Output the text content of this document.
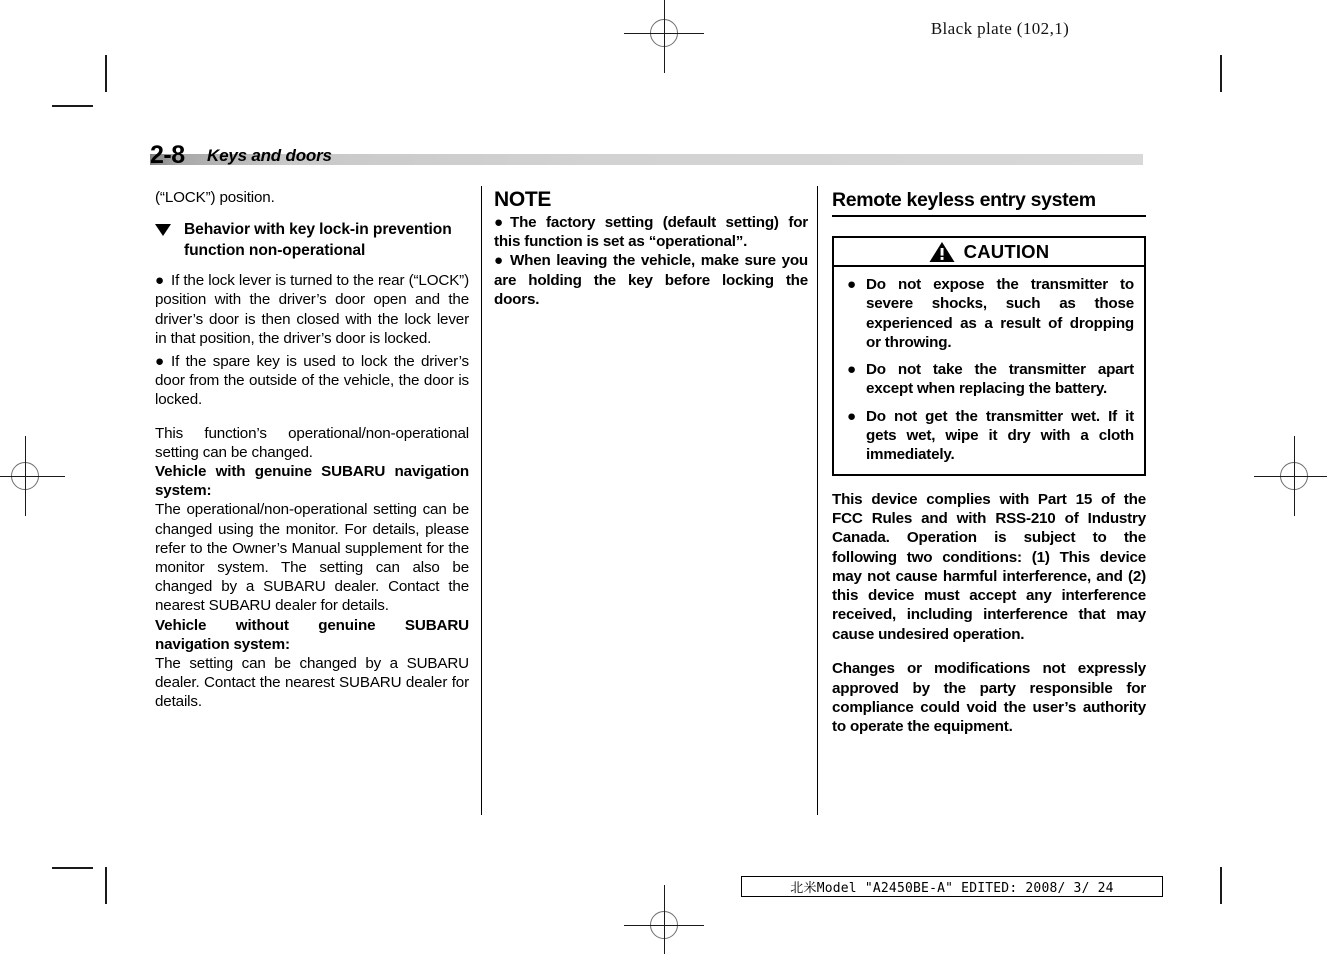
Black plate (102,1)
2-8 Keys and doors

(“LOCK”) position.

Behavior with key lock-in prevention function non-operational
● If the lock lever is turned to the rear (“LOCK”) position with the driver’s door open and the driver’s door is then closed with the lock lever in that position, the driver’s door is locked.
● If the spare key is used to lock the driver’s door from the outside of the vehicle, the door is locked.

This function’s operational/non-operational setting can be changed.

Vehicle with genuine SUBARU navigation system:

The operational/non-operational setting can be changed using the monitor. For details, please refer to the Owner’s Manual supplement for the monitor system. The setting can also be changed by a SUBARU dealer. Contact the nearest SUBARU dealer for details.

Vehicle without genuine SUBARU navigation system:

The setting can be changed by a SUBARU dealer. Contact the nearest SUBARU dealer for details.

NOTE

● The factory setting (default setting) for this function is set as “operational”.
● When leaving the vehicle, make sure you are holding the key before locking the doors.
Remote keyless entry system
CAUTION
● Do not expose the transmitter to severe shocks, such as those experienced as a result of dropping or throwing.
● Do not take the transmitter apart except when replacing the battery.
● Do not get the transmitter wet. If it gets wet, wipe it dry with a cloth immediately.

This device complies with Part 15 of the FCC Rules and with RSS-210 of Industry Canada. Operation is subject to the following two conditions: (1) This device may not cause harmful interference, and (2) this device must accept any interference received, including interference that may cause undesired operation.

Changes or modifications not expressly approved by the party responsible for compliance could void the user’s authority to operate the equipment.

北米Model "A2450BE-A" EDITED: 2008/ 3/ 24
